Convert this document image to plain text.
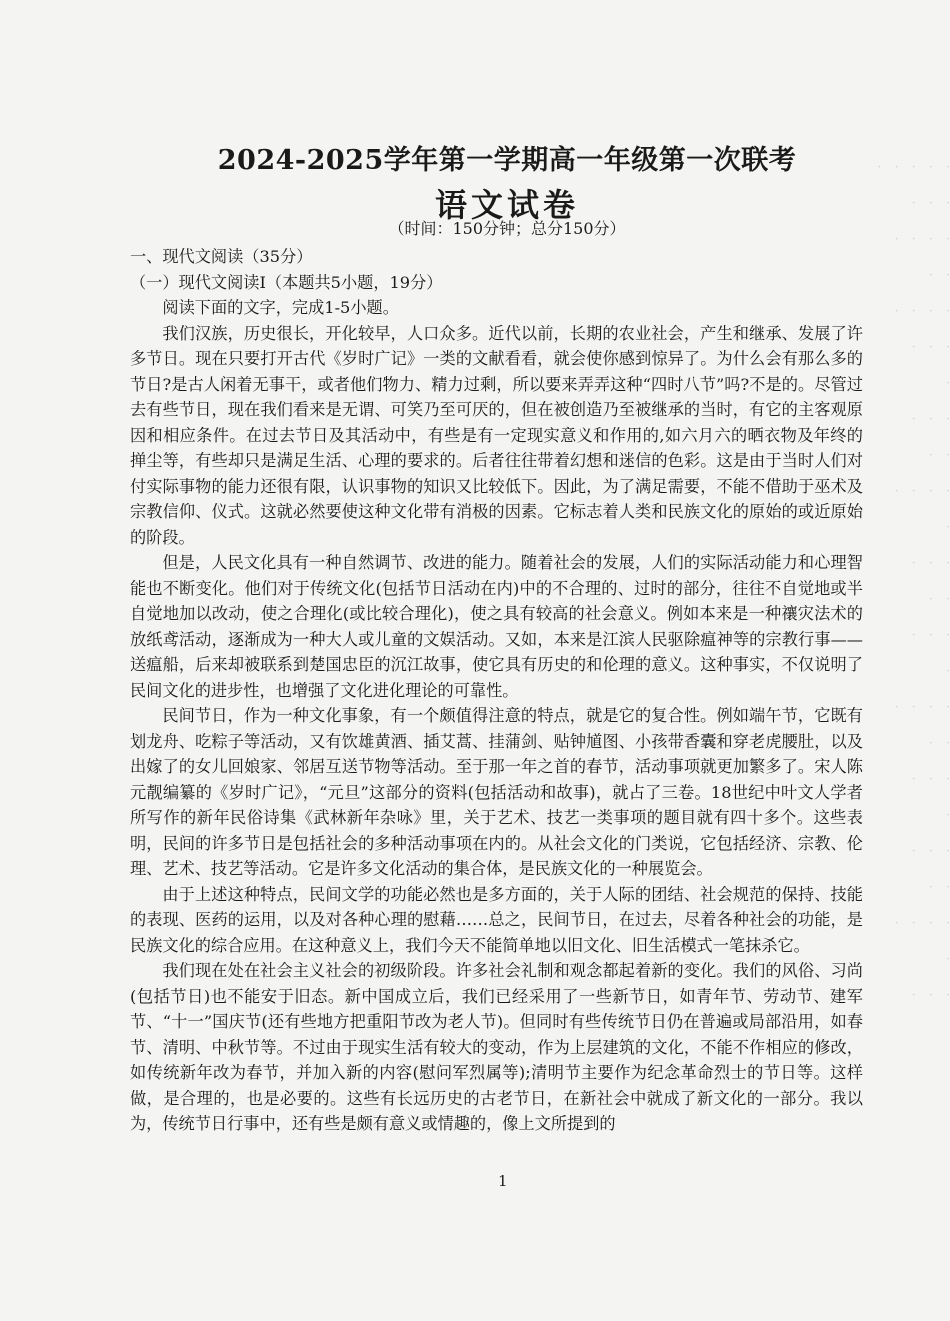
·　·　·　·　·
·　·　·
·　·　·　·
·　·
·　·　·　·
·　·　·
·
·　·　·
·　·
·　·　·　·
·
·　·　·
·　·
·　·　·
·
·　·　·　·
·　·
·　·　·
·
·　·　·
·　·
·　·　·　·
·
·　·　·
2024-2025学年第一学期高一年级第一次联考
语文试卷
（时间：150分钟；总分150分）

一、现代文阅读（35分）

（一）现代文阅读Ⅰ（本题共5小题，19分）

阅读下面的文字，完成1-5小题。

我们汉族，历史很长，开化较早，人口众多。近代以前，长期的农业社会，产生和继承、发展了许多节日。现在只要打开古代《岁时广记》一类的文献看看，就会使你感到惊异了。为什么会有那么多的节日?是古人闲着无事干，或者他们物力、精力过剩，所以要来弄弄这种“四时八节”吗?不是的。尽管过去有些节日，现在我们看来是无谓、可笑乃至可厌的，但在被创造乃至被继承的当时，有它的主客观原因和相应条件。在过去节日及其活动中，有些是有一定现实意义和作用的,如六月六的晒衣物及年终的掸尘等，有些却只是满足生活、心理的要求的。后者往往带着幻想和迷信的色彩。这是由于当时人们对付实际事物的能力还很有限，认识事物的知识又比较低下。因此，为了满足需要，不能不借助于巫术及宗教信仰、仪式。这就必然要使这种文化带有消极的因素。它标志着人类和民族文化的原始的或近原始的阶段。

但是，人民文化具有一种自然调节、改进的能力。随着社会的发展，人们的实际活动能力和心理智能也不断变化。他们对于传统文化(包括节日活动在内)中的不合理的、过时的部分，往往不自觉地或半自觉地加以改动，使之合理化(或比较合理化)，使之具有较高的社会意义。例如本来是一种禳灾法术的放纸鸢活动，逐渐成为一种大人或儿童的文娱活动。又如，本来是江滨人民驱除瘟神等的宗教行事——送瘟船，后来却被联系到楚国忠臣的沉江故事，使它具有历史的和伦理的意义。这种事实，不仅说明了民间文化的进步性，也增强了文化进化理论的可靠性。

民间节日，作为一种文化事象，有一个颇值得注意的特点，就是它的复合性。例如端午节，它既有划龙舟、吃粽子等活动，又有饮雄黄酒、插艾蒿、挂蒲剑、贴钟馗图、小孩带香囊和穿老虎腰肚，以及出嫁了的女儿回娘家、邻居互送节物等活动。至于那一年之首的春节，活动事项就更加繁多了。宋人陈元靓编纂的《岁时广记》，“元旦”这部分的资料(包括活动和故事)，就占了三卷。18世纪中叶文人学者所写作的新年民俗诗集《武林新年杂咏》里，关于艺术、技艺一类事项的题目就有四十多个。这些表明，民间的许多节日是包括社会的多种活动事项在内的。从社会文化的门类说，它包括经济、宗教、伦理、艺术、技艺等活动。它是许多文化活动的集合体，是民族文化的一种展览会。

由于上述这种特点，民间文学的功能必然也是多方面的，关于人际的团结、社会规范的保持、技能的表现、医药的运用，以及对各种心理的慰藉……总之，民间节日，在过去，尽着各种社会的功能，是民族文化的综合应用。在这种意义上，我们今天不能简单地以旧文化、旧生活模式一笔抹杀它。

我们现在处在社会主义社会的初级阶段。许多社会礼制和观念都起着新的变化。我们的风俗、习尚(包括节日)也不能安于旧态。新中国成立后，我们已经采用了一些新节日，如青年节、劳动节、建军节、“十一”国庆节(还有些地方把重阳节改为老人节)。但同时有些传统节日仍在普遍或局部沿用，如春节、清明、中秋节等。不过由于现实生活有较大的变动，作为上层建筑的文化，不能不作相应的修改，如传统新年改为春节，并加入新的内容(慰问军烈属等);清明节主要作为纪念革命烈士的节日等。这样做，是合理的，也是必要的。这些有长远历史的古老节日，在新社会中就成了新文化的一部分。我以为，传统节日行事中，还有些是颇有意义或情趣的，像上文所提到的

1
